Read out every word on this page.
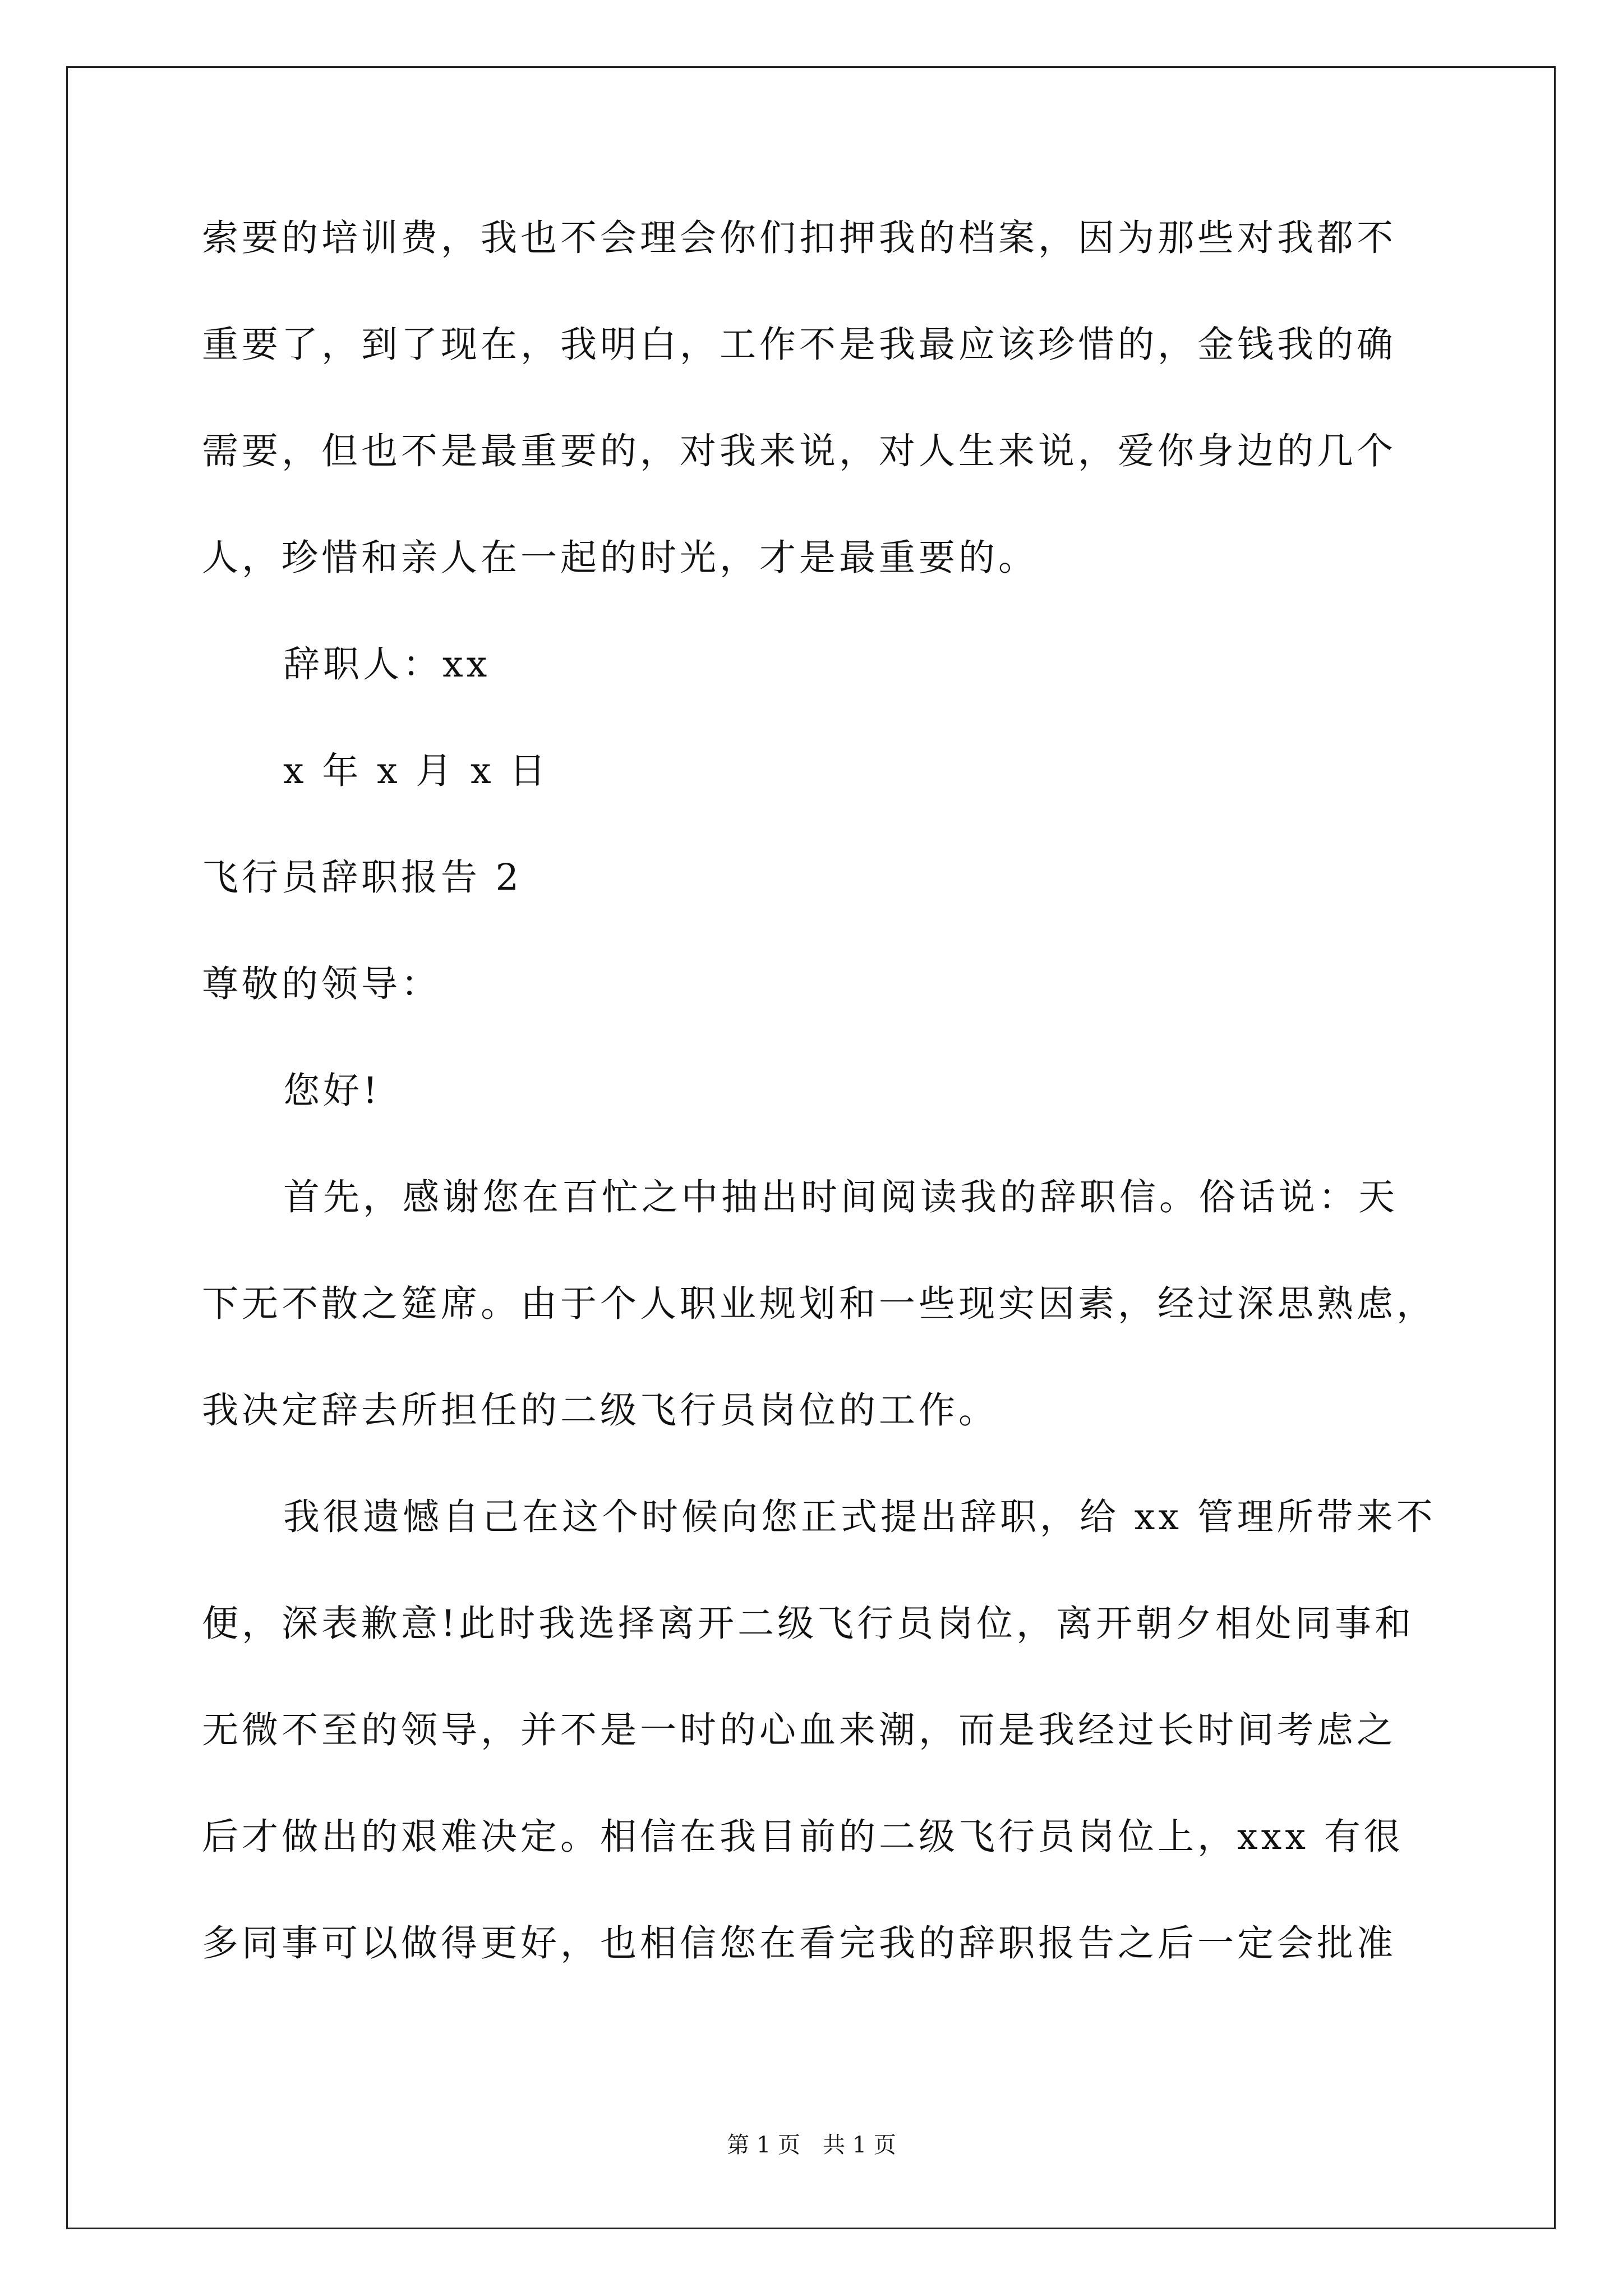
索要的培训费，我也不会理会你们扣押我的档案，因为那些对我都不
重要了，到了现在，我明白，工作不是我最应该珍惜的，金钱我的确
需要，但也不是最重要的，对我来说，对人生来说，爱你身边的几个
人，珍惜和亲人在一起的时光，才是最重要的。
辞职人：xx
x 年 x 月 x 日
飞行员辞职报告 2
尊敬的领导：
您好!
首先，感谢您在百忙之中抽出时间阅读我的辞职信。俗话说：天
下无不散之筵席。由于个人职业规划和一些现实因素，经过深思熟虑，
我决定辞去所担任的二级飞行员岗位的工作。
我很遗憾自己在这个时候向您正式提出辞职，给 xx 管理所带来不
便，深表歉意!此时我选择离开二级飞行员岗位，离开朝夕相处同事和
无微不至的领导，并不是一时的心血来潮，而是我经过长时间考虑之
后才做出的艰难决定。相信在我目前的二级飞行员岗位上，xxx 有很
多同事可以做得更好，也相信您在看完我的辞职报告之后一定会批准
第 1 页 共 1 页
